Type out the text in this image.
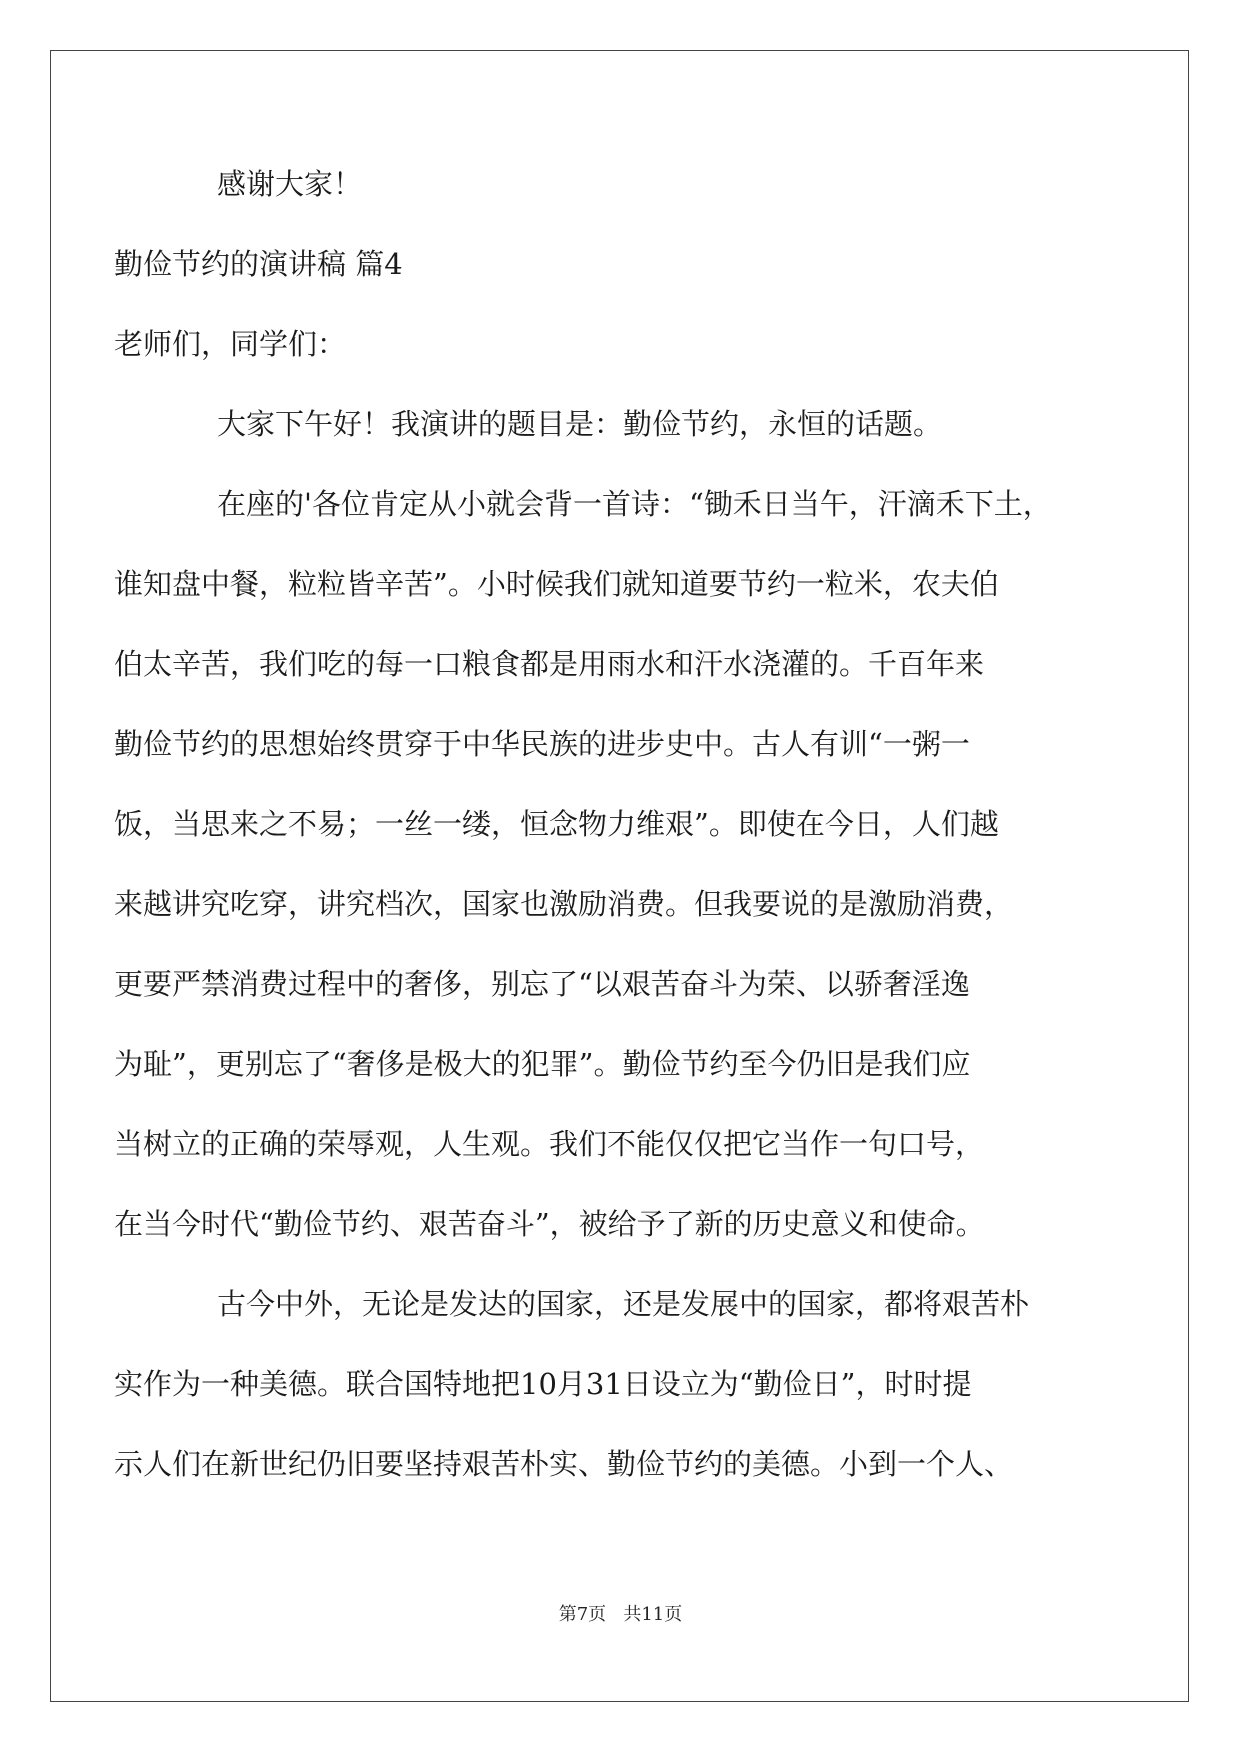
感谢大家！

勤俭节约的演讲稿 篇4

老师们，同学们：

大家下午好！我演讲的题目是：勤俭节约，永恒的话题。

在座的'各位肯定从小就会背一首诗：“锄禾日当午，汗滴禾下土，

谁知盘中餐，粒粒皆辛苦”。小时候我们就知道要节约一粒米，农夫伯

伯太辛苦，我们吃的每一口粮食都是用雨水和汗水浇灌的。千百年来

勤俭节约的思想始终贯穿于中华民族的进步史中。古人有训“一粥一

饭，当思来之不易；一丝一缕，恒念物力维艰”。即使在今日，人们越

来越讲究吃穿，讲究档次，国家也激励消费。但我要说的是激励消费，

更要严禁消费过程中的奢侈，别忘了“以艰苦奋斗为荣、以骄奢淫逸

为耻”，更别忘了“奢侈是极大的犯罪”。勤俭节约至今仍旧是我们应

当树立的正确的荣辱观，人生观。我们不能仅仅把它当作一句口号，

在当今时代“勤俭节约、艰苦奋斗”，被给予了新的历史意义和使命。

古今中外，无论是发达的国家，还是发展中的国家，都将艰苦朴

实作为一种美德。联合国特地把10月31日设立为“勤俭日”，时时提

示人们在新世纪仍旧要坚持艰苦朴实、勤俭节约的美德。小到一个人、

第7页 共11页
